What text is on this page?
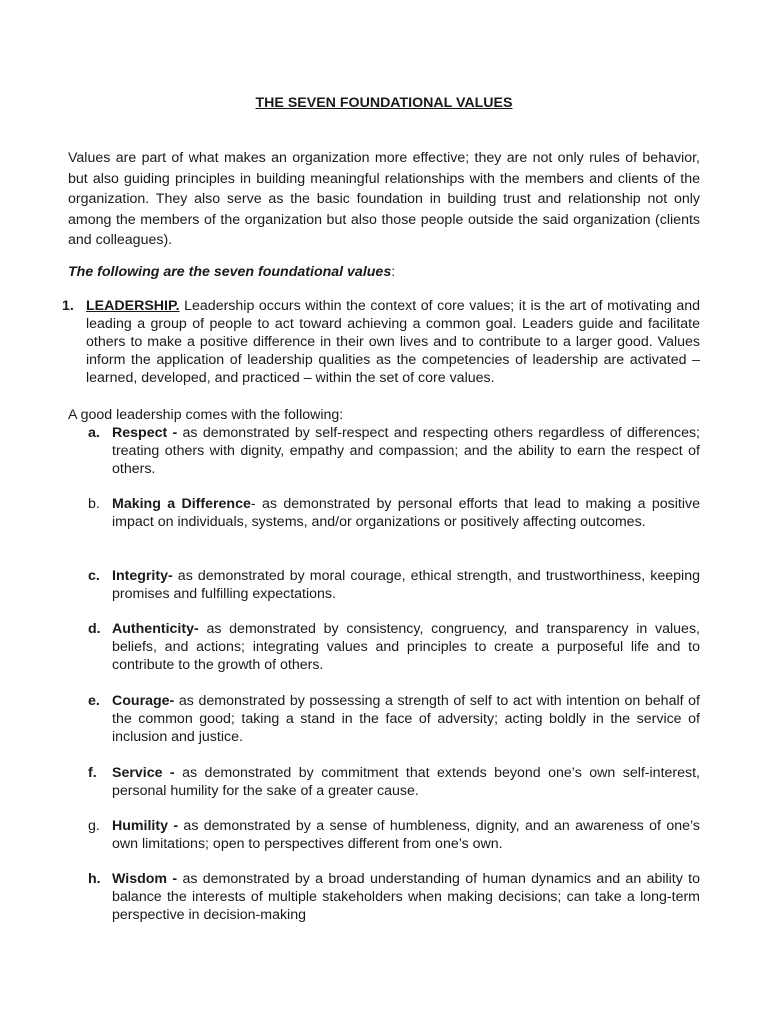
THE SEVEN FOUNDATIONAL VALUES
Values are part of what makes an organization more effective; they are not only rules of behavior, but also guiding principles in building meaningful relationships with the members and clients of the organization. They also serve as the basic foundation in building trust and relationship not only among the members of the organization but also those people outside the said organization (clients and colleagues).
The following are the seven foundational values:
1. LEADERSHIP. Leadership occurs within the context of core values; it is the art of motivating and leading a group of people to act toward achieving a common goal. Leaders guide and facilitate others to make a positive difference in their own lives and to contribute to a larger good. Values inform the application of leadership qualities as the competencies of leadership are activated – learned, developed, and practiced – within the set of core values.
A good leadership comes with the following:
a. Respect - as demonstrated by self-respect and respecting others regardless of differences; treating others with dignity, empathy and compassion; and the ability to earn the respect of others.
b. Making a Difference- as demonstrated by personal efforts that lead to making a positive impact on individuals, systems, and/or organizations or positively affecting outcomes.
c. Integrity- as demonstrated by moral courage, ethical strength, and trustworthiness, keeping promises and fulfilling expectations.
d. Authenticity- as demonstrated by consistency, congruency, and transparency in values, beliefs, and actions; integrating values and principles to create a purposeful life and to contribute to the growth of others.
e. Courage- as demonstrated by possessing a strength of self to act with intention on behalf of the common good; taking a stand in the face of adversity; acting boldly in the service of inclusion and justice.
f.	Service - as demonstrated by commitment that extends beyond one’s own self-interest, personal humility for the sake of a greater cause.
g. Humility - as demonstrated by a sense of humbleness, dignity, and an awareness of one’s own limitations; open to perspectives different from one’s own.
h. Wisdom - as demonstrated by a broad understanding of human dynamics and an ability to balance the interests of multiple stakeholders when making decisions; can take a long-term perspective in decision-making
